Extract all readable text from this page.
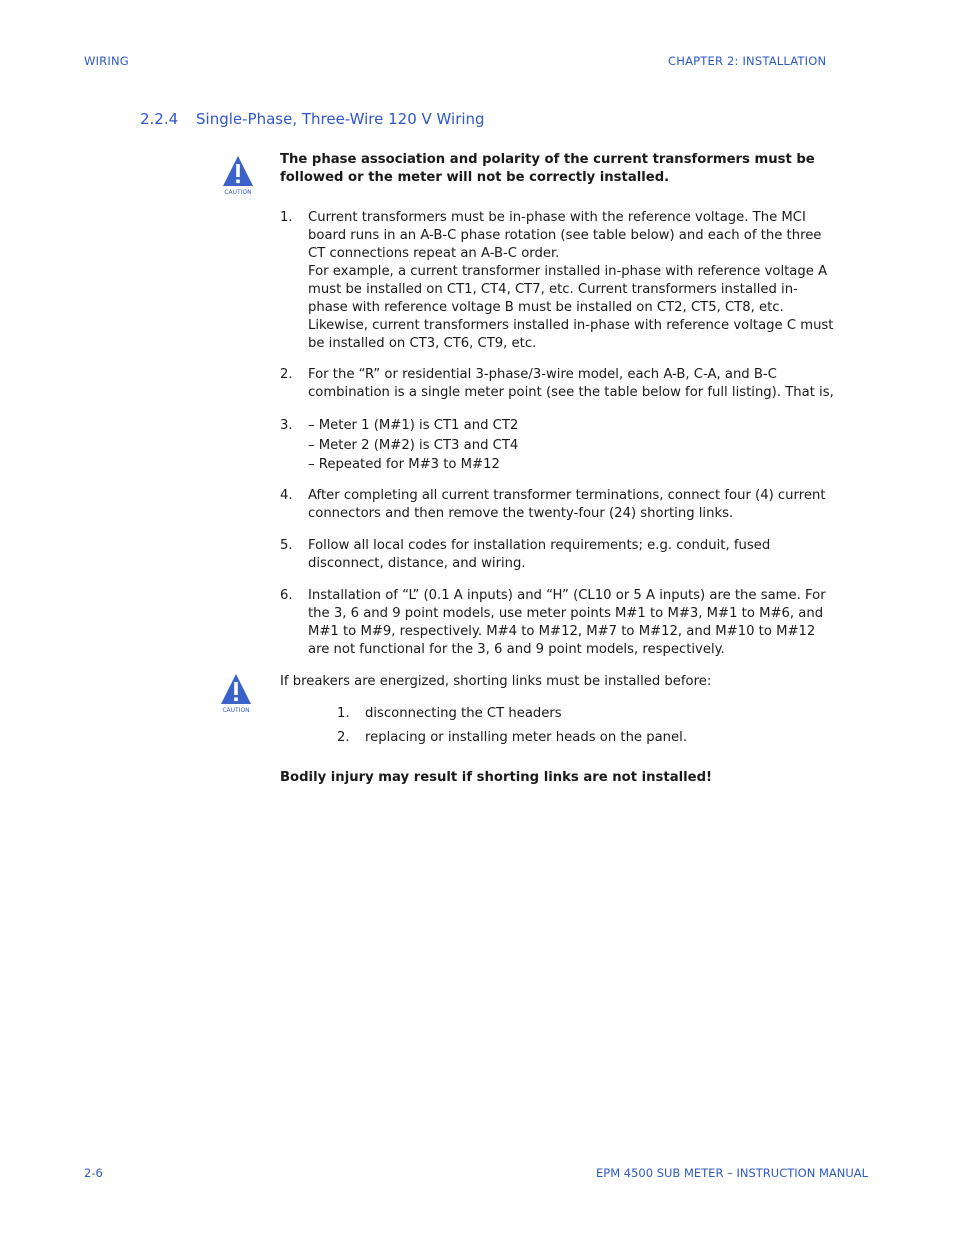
WIRING	CHAPTER 2: INSTALLATION
2.2.4 Single-Phase, Three-Wire 120 V Wiring
CAUTION
The phase association and polarity of the current transformers must be followed or the meter will not be correctly installed.
1. Current transformers must be in-phase with the reference voltage. The MCI board runs in an A-B-C phase rotation (see table below) and each of the three CT connections repeat an A-B-C order.
For example, a current transformer installed in-phase with reference voltage A must be installed on CT1, CT4, CT7, etc. Current transformers installed in-phase with reference voltage B must be installed on CT2, CT5, CT8, etc. Likewise, current transformers installed in-phase with reference voltage C must be installed on CT3, CT6, CT9, etc.
2. For the “R” or residential 3-phase/3-wire model, each A-B, C-A, and B-C combination is a single meter point (see the table below for full listing). That is,
3. – Meter 1 (M#1) is CT1 and CT2
– Meter 2 (M#2) is CT3 and CT4
– Repeated for M#3 to M#12
4. After completing all current transformer terminations, connect four (4) current connectors and then remove the twenty-four (24) shorting links.
5. Follow all local codes for installation requirements; e.g. conduit, fused disconnect, distance, and wiring.
6. Installation of “L” (0.1 A inputs) and “H” (CL10 or 5 A inputs) are the same. For the 3, 6 and 9 point models, use meter points M#1 to M#3, M#1 to M#6, and M#1 to M#9, respectively. M#4 to M#12, M#7 to M#12, and M#10 to M#12 are not functional for the 3, 6 and 9 point models, respectively.
CAUTION
If breakers are energized, shorting links must be installed before:
1. disconnecting the CT headers
2. replacing or installing meter heads on the panel.
Bodily injury may result if shorting links are not installed!
2-6	EPM 4500 SUB METER – INSTRUCTION MANUAL
